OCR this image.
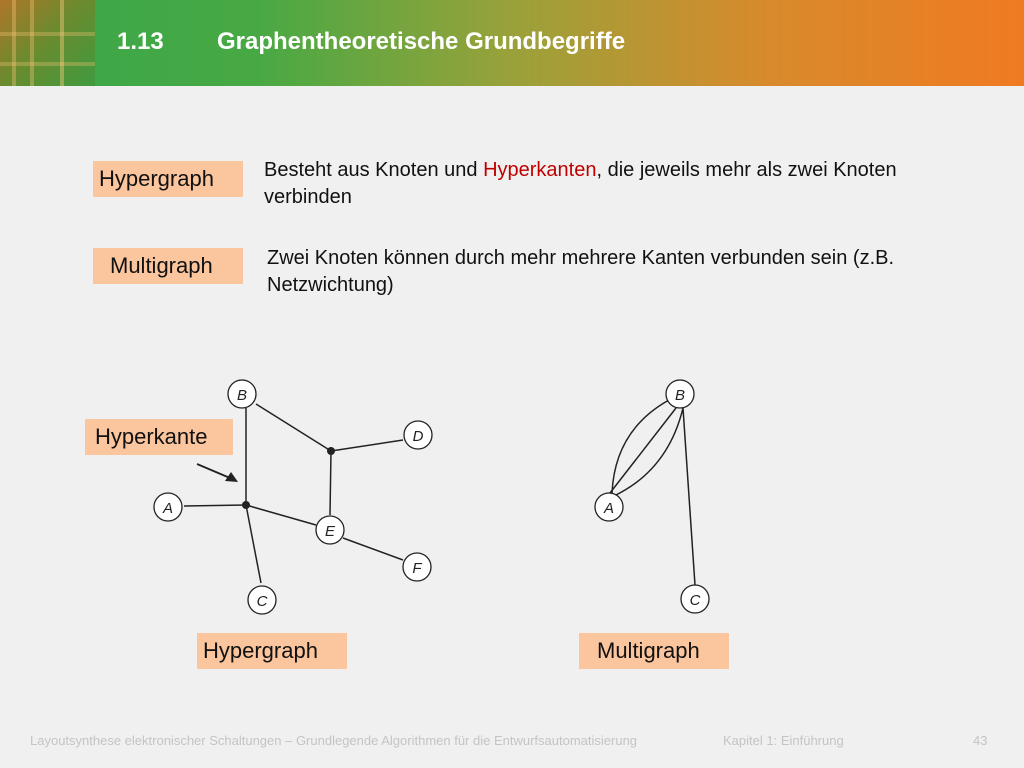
1.13 Graphentheoretische Grundbegriffe
Hypergraph	Besteht aus Knoten und Hyperkanten, die jeweils mehr als zwei Knoten verbinden
Multigraph	Zwei Knoten können durch mehr mehrere Kanten verbunden sein (z.B. Netzwichtung)
Hyperkante
B
D
A
E
F
C
B
A
C
Hypergraph	Multigraph
Layoutsynthese elektronischer Schaltungen – Grundlegende Algorithmen für die Entwurfsautomatisierung	Kapitel 1: Einführung	43
